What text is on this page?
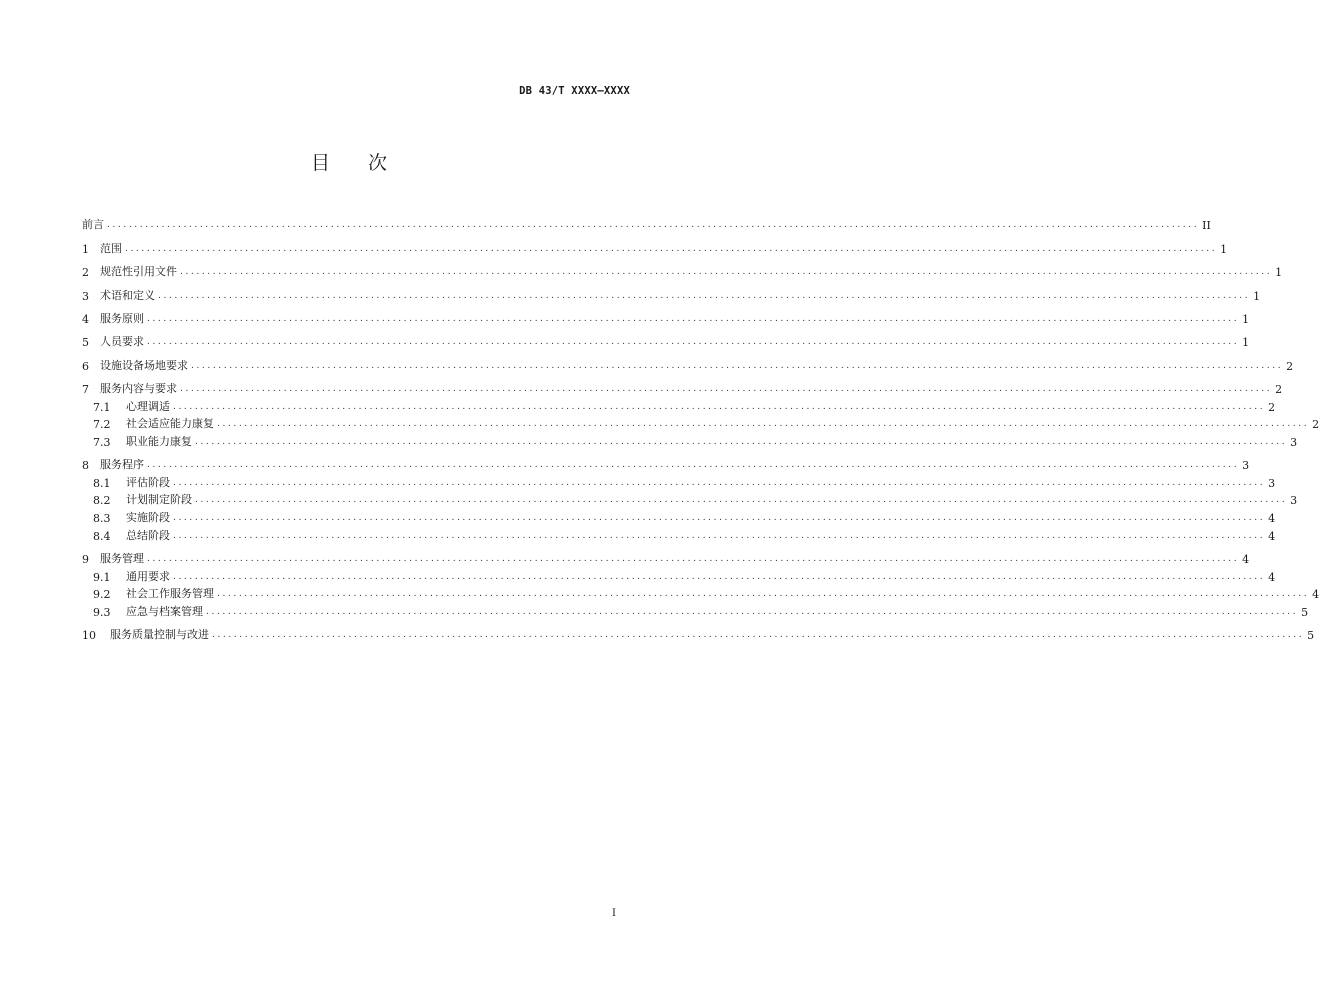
DB 43/T XXXX—XXXX
目次
前言 ........................................................................................................................................................................................................ II
1 范围 ........................................................................................................................................................................................................ 1
2 规范性引用文件 ........................................................................................................................................................................................................ 1
3 术语和定义 ........................................................................................................................................................................................................ 1
4 服务原则 ........................................................................................................................................................................................................ 1
5 人员要求 ........................................................................................................................................................................................................ 1
6 设施设备场地要求 ........................................................................................................................................................................................................ 2
7 服务内容与要求 ........................................................................................................................................................................................................ 2
7.1 心理调适 ........................................................................................................................................................................................................ 2
7.2 社会适应能力康复 ........................................................................................................................................................................................................ 2
7.3 职业能力康复 ........................................................................................................................................................................................................ 3
8 服务程序 ........................................................................................................................................................................................................ 3
8.1 评估阶段 ........................................................................................................................................................................................................ 3
8.2 计划制定阶段 ........................................................................................................................................................................................................ 3
8.3 实施阶段 ........................................................................................................................................................................................................ 4
8.4 总结阶段 ........................................................................................................................................................................................................ 4
9 服务管理 ........................................................................................................................................................................................................ 4
9.1 通用要求 ........................................................................................................................................................................................................ 4
9.2 社会工作服务管理 ........................................................................................................................................................................................................ 4
9.3 应急与档案管理 ........................................................................................................................................................................................................ 5
10 服务质量控制与改进 ........................................................................................................................................................................................................ 5
I
